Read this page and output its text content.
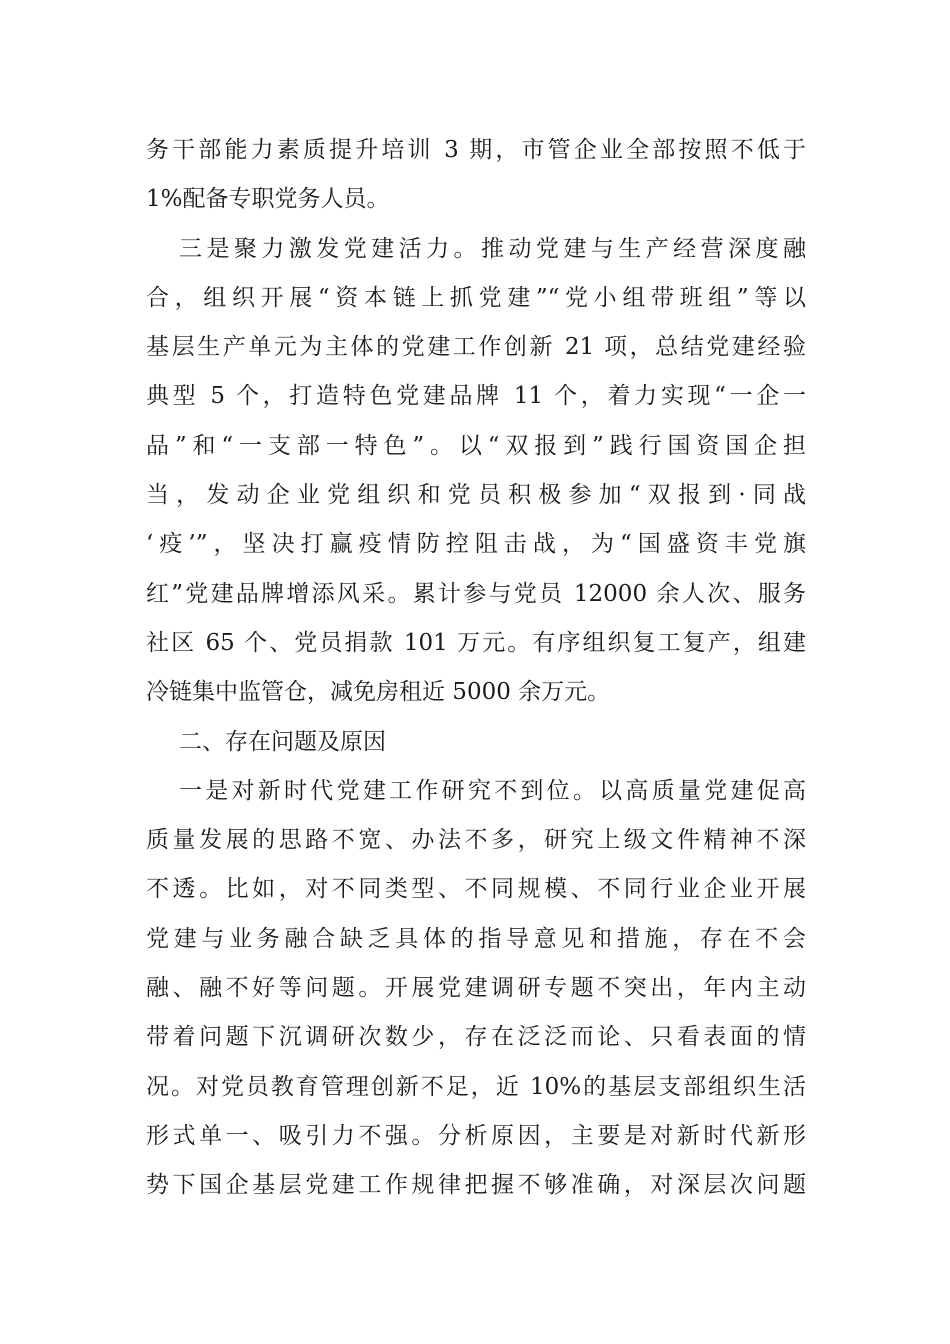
务干部能力素质提升培训 3 期，市管企业全部按照不低于
1%配备专职党务人员。
三是聚力激发党建活力。推动党建与生产经营深度融
合，组织开展“资本链上抓党建”“党小组带班组”等以
基层生产单元为主体的党建工作创新 21 项，总结党建经验
典型 5 个，打造特色党建品牌 11 个，着力实现“一企一
品”和“一支部一特色”。以“双报到”践行国资国企担
当，发动企业党组织和党员积极参加“双报到·同战
‘疫’”，坚决打赢疫情防控阻击战，为“国盛资丰党旗
红”党建品牌增添风采。累计参与党员 12000 余人次、服务
社区 65 个、党员捐款 101 万元。有序组织复工复产，组建
冷链集中监管仓，减免房租近 5000 余万元。
二、存在问题及原因
一是对新时代党建工作研究不到位。以高质量党建促高
质量发展的思路不宽、办法不多，研究上级文件精神不深
不透。比如，对不同类型、不同规模、不同行业企业开展
党建与业务融合缺乏具体的指导意见和措施，存在不会
融、融不好等问题。开展党建调研专题不突出，年内主动
带着问题下沉调研次数少，存在泛泛而论、只看表面的情
况。对党员教育管理创新不足，近 10%的基层支部组织生活
形式单一、吸引力不强。分析原因，主要是对新时代新形
势下国企基层党建工作规律把握不够准确，对深层次问题
